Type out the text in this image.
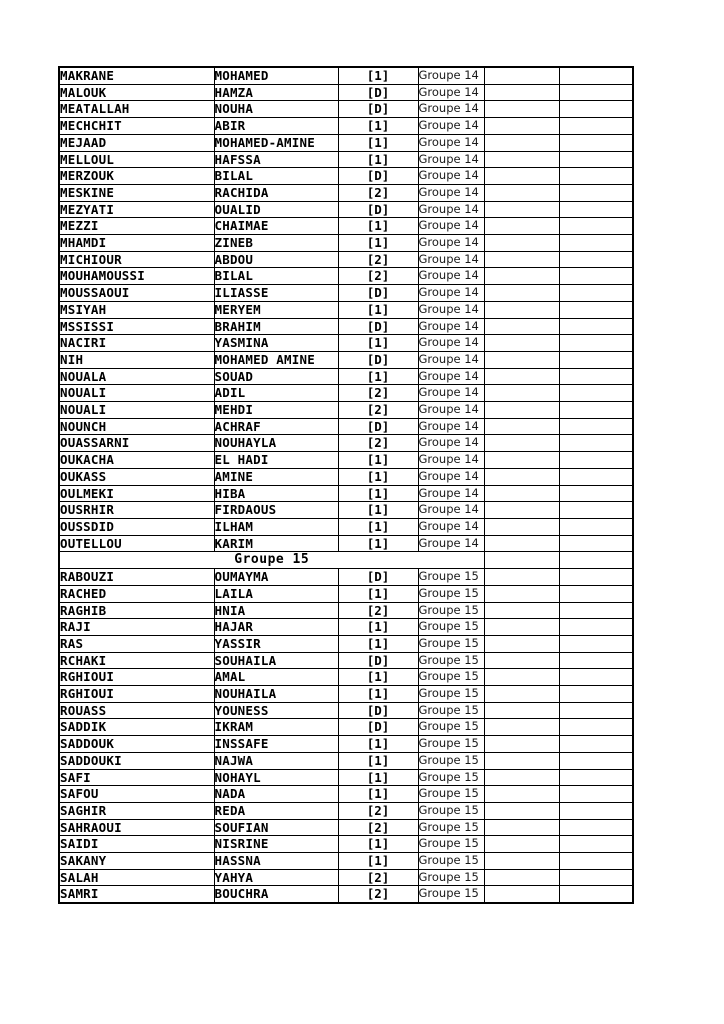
MAKRANE	MOHAMED	[1]	Groupe 14		
MALOUK	HAMZA	[D]	Groupe 14		
MEATALLAH	NOUHA	[D]	Groupe 14		
MECHCHIT	ABIR	[1]	Groupe 14		
MEJAAD	MOHAMED-AMINE	[1]	Groupe 14		
MELLOUL	HAFSSA	[1]	Groupe 14		
MERZOUK	BILAL	[D]	Groupe 14		
MESKINE	RACHIDA	[2]	Groupe 14		
MEZYATI	OUALID	[D]	Groupe 14		
MEZZI	CHAIMAE	[1]	Groupe 14		
MHAMDI	ZINEB	[1]	Groupe 14		
MICHIOUR	ABDOU	[2]	Groupe 14		
MOUHAMOUSSI	BILAL	[2]	Groupe 14		
MOUSSAOUI	ILIASSE	[D]	Groupe 14		
MSIYAH	MERYEM	[1]	Groupe 14		
MSSISSI	BRAHIM	[D]	Groupe 14		
NACIRI	YASMINA	[1]	Groupe 14		
NIH	MOHAMED AMINE	[D]	Groupe 14		
NOUALA	SOUAD	[1]	Groupe 14		
NOUALI	ADIL	[2]	Groupe 14		
NOUALI	MEHDI	[2]	Groupe 14		
NOUNCH	ACHRAF	[D]	Groupe 14		
OUASSARNI	NOUHAYLA	[2]	Groupe 14		
OUKACHA	EL HADI	[1]	Groupe 14		
OUKASS	AMINE	[1]	Groupe 14		
OULMEKI	HIBA	[1]	Groupe 14		
OUSRHIR	FIRDAOUS	[1]	Groupe 14		
OUSSDID	ILHAM	[1]	Groupe 14		
OUTELLOU	KARIM	[1]	Groupe 14		
Groupe 15					
RABOUZI	OUMAYMA	[D]	Groupe 15		
RACHED	LAILA	[1]	Groupe 15		
RAGHIB	HNIA	[2]	Groupe 15		
RAJI	HAJAR	[1]	Groupe 15		
RAS	YASSIR	[1]	Groupe 15		
RCHAKI	SOUHAILA	[D]	Groupe 15		
RGHIOUI	AMAL	[1]	Groupe 15		
RGHIOUI	NOUHAILA	[1]	Groupe 15		
ROUASS	YOUNESS	[D]	Groupe 15		
SADDIK	IKRAM	[D]	Groupe 15		
SADDOUK	INSSAFE	[1]	Groupe 15		
SADDOUKI	NAJWA	[1]	Groupe 15		
SAFI	NOHAYL	[1]	Groupe 15		
SAFOU	NADA	[1]	Groupe 15		
SAGHIR	REDA	[2]	Groupe 15		
SAHRAOUI	SOUFIAN	[2]	Groupe 15		
SAIDI	NISRINE	[1]	Groupe 15		
SAKANY	HASSNA	[1]	Groupe 15		
SALAH	YAHYA	[2]	Groupe 15		
SAMRI	BOUCHRA	[2]	Groupe 15		
